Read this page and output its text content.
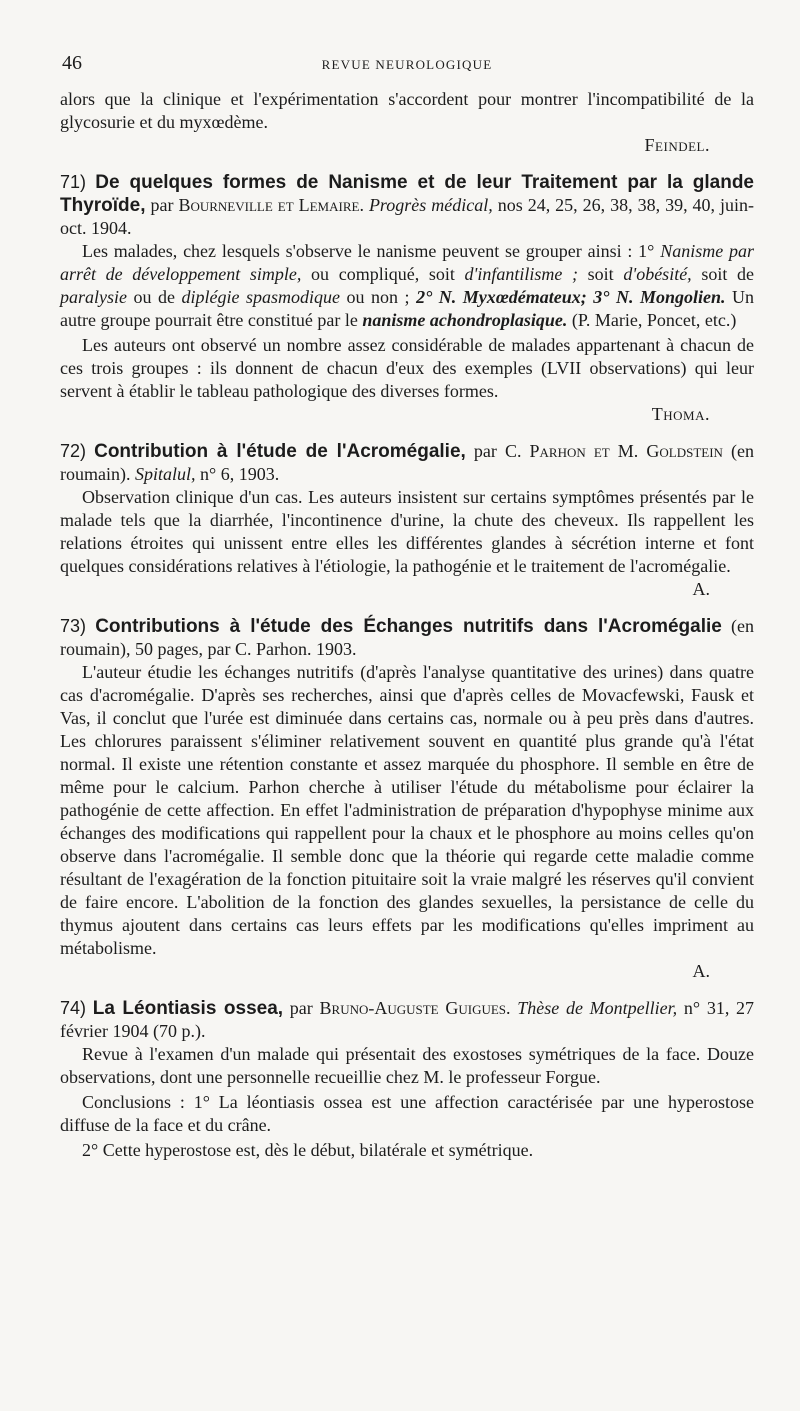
46	REVUE NEUROLOGIQUE

alors que la clinique et l'expérimentation s'accordent pour montrer l'incompatibilité de la glycosurie et du myxœdème.

Feindel.

71) De quelques formes de Nanisme et de leur Traitement par la glande Thyroïde, par Bourneville et Lemaire. Progrès médical, nos 24, 25, 26, 38, 38, 39, 40, juin-oct. 1904.

Les malades, chez lesquels s'observe le nanisme peuvent se grouper ainsi : 1° Nanisme par arrêt de développement simple, ou compliqué, soit d'infantilisme ; soit d'obésité, soit de paralysie ou de diplégie spasmodique ou non ; 2° N. Myxœdémateux; 3° N. Mongolien. Un autre groupe pourrait être constitué par le nanisme achondroplasique. (P. Marie, Poncet, etc.)

Les auteurs ont observé un nombre assez considérable de malades appartenant à chacun de ces trois groupes : ils donnent de chacun d'eux des exemples (LVII observations) qui leur servent à établir le tableau pathologique des diverses formes.

Thoma.

72) Contribution à l'étude de l'Acromégalie, par C. Parhon et M. Goldstein (en roumain). Spitalul, n° 6, 1903.

Observation clinique d'un cas. Les auteurs insistent sur certains symptômes présentés par le malade tels que la diarrhée, l'incontinence d'urine, la chute des cheveux. Ils rappellent les relations étroites qui unissent entre elles les différentes glandes à sécrétion interne et font quelques considérations relatives à l'étiologie, la pathogénie et le traitement de l'acromégalie.

A.

73) Contributions à l'étude des Échanges nutritifs dans l'Acromégalie (en roumain), 50 pages, par C. Parhon. 1903.

L'auteur étudie les échanges nutritifs (d'après l'analyse quantitative des urines) dans quatre cas d'acromégalie. D'après ses recherches, ainsi que d'après celles de Movacfewski, Fausk et Vas, il conclut que l'urée est diminuée dans certains cas, normale ou à peu près dans d'autres. Les chlorures paraissent s'éliminer relativement souvent en quantité plus grande qu'à l'état normal. Il existe une rétention constante et assez marquée du phosphore. Il semble en être de même pour le calcium. Parhon cherche à utiliser l'étude du métabolisme pour éclairer la pathogénie de cette affection. En effet l'administration de préparation d'hypophyse minime aux échanges des modifications qui rappellent pour la chaux et le phosphore au moins celles qu'on observe dans l'acromégalie. Il semble donc que la théorie qui regarde cette maladie comme résultant de l'exagération de la fonction pituitaire soit la vraie malgré les réserves qu'il convient de faire encore. L'abolition de la fonction des glandes sexuelles, la persistance de celle du thymus ajoutent dans certains cas leurs effets par les modifications qu'elles impriment au métabolisme.

A.

74) La Léontiasis ossea, par Bruno-Auguste Guigues. Thèse de Montpellier, n° 31, 27 février 1904 (70 p.).

Revue à l'examen d'un malade qui présentait des exostoses symétriques de la face. Douze observations, dont une personnelle recueillie chez M. le professeur Forgue.

Conclusions : 1° La léontiasis ossea est une affection caractérisée par une hyperostose diffuse de la face et du crâne.

2° Cette hyperostose est, dès le début, bilatérale et symétrique.
